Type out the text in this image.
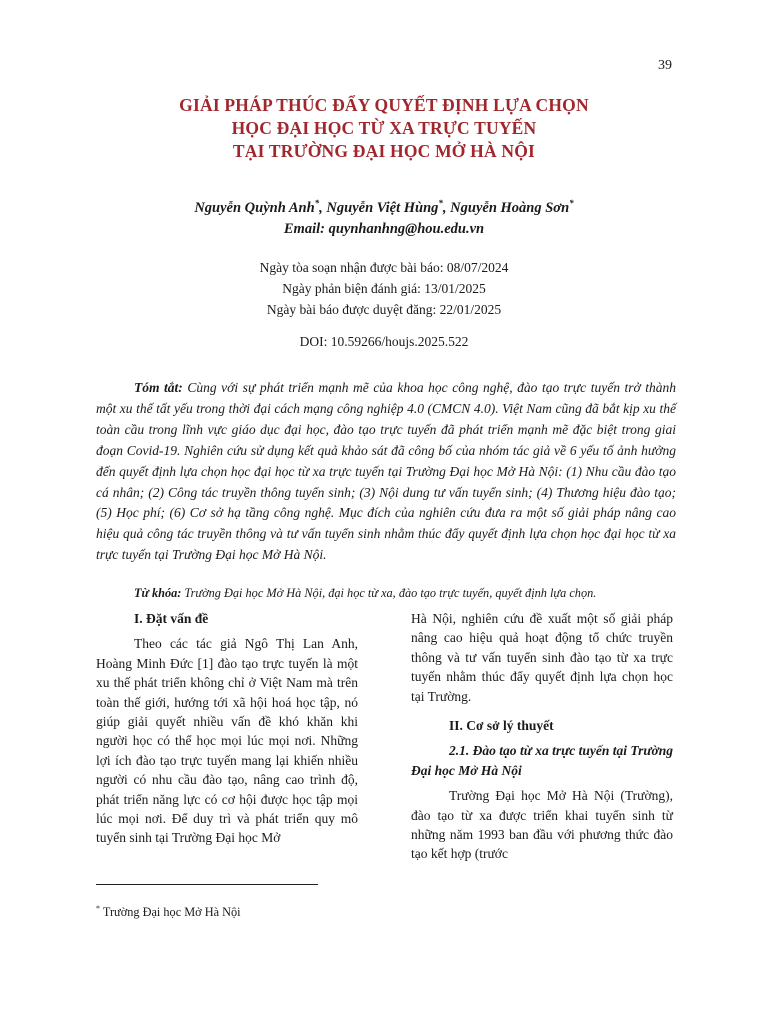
39
GIẢI PHÁP THÚC ĐẨY QUYẾT ĐỊNH LỰA CHỌN
HỌC ĐẠI HỌC TỪ XA TRỰC TUYẾN
TẠI TRƯỜNG ĐẠI HỌC MỞ HÀ NỘI
Nguyễn Quỳnh Anh*, Nguyễn Việt Hùng*, Nguyễn Hoàng Sơn*
Email: quynhanhng@hou.edu.vn
Ngày tòa soạn nhận được bài báo: 08/07/2024
Ngày phản biện đánh giá: 13/01/2025
Ngày bài báo được duyệt đăng: 22/01/2025
DOI: 10.59266/houjs.2025.522
Tóm tắt: Cùng với sự phát triển mạnh mẽ của khoa học công nghệ, đào tạo trực tuyến trở thành một xu thế tất yếu trong thời đại cách mạng công nghiệp 4.0 (CMCN 4.0). Việt Nam cũng đã bắt kịp xu thế toàn cầu trong lĩnh vực giáo dục đại học, đào tạo trực tuyến đã phát triển mạnh mẽ đặc biệt trong giai đoạn Covid-19. Nghiên cứu sử dụng kết quả khảo sát đã công bố của nhóm tác giả về 6 yếu tố ảnh hưởng đến quyết định lựa chọn học đại học từ xa trực tuyến tại Trường Đại học Mở Hà Nội: (1) Nhu cầu đào tạo cá nhân; (2) Công tác truyền thông tuyển sinh; (3) Nội dung tư vấn tuyển sinh; (4) Thương hiệu đào tạo; (5) Học phí; (6) Cơ sở hạ tầng công nghệ. Mục đích của nghiên cứu đưa ra một số giải pháp nâng cao hiệu quả công tác truyền thông và tư vấn tuyển sinh nhằm thúc đẩy quyết định lựa chọn học đại học từ xa trực tuyến tại Trường Đại học Mở Hà Nội.
Từ khóa: Trường Đại học Mở Hà Nội, đại học từ xa, đào tạo trực tuyến, quyết định lựa chọn.
I. Đặt vấn đề

Theo các tác giả Ngô Thị Lan Anh, Hoàng Minh Đức [1] đào tạo trực tuyến là một xu thế phát triển không chỉ ở Việt Nam mà trên toàn thế giới, hướng tới xã hội hoá học tập, nó giúp giải quyết nhiều vấn đề khó khăn khi người học có thể học mọi lúc mọi nơi. Những lợi ích đào tạo trực tuyến mang lại khiến nhiều người có nhu cầu đào tạo, nâng cao trình độ, phát triển năng lực có cơ hội được học tập mọi lúc mọi nơi. Để duy trì và phát triển quy mô tuyển sinh tại Trường Đại học Mở

Hà Nội, nghiên cứu đề xuất một số giải pháp nâng cao hiệu quả hoạt động tổ chức truyền thông và tư vấn tuyển sinh đào tạo từ xa trực tuyến nhằm thúc đẩy quyết định lựa chọn học tại Trường.

II. Cơ sở lý thuyết
2.1. Đào tạo từ xa trực tuyến tại Trường Đại học Mở Hà Nội

Trường Đại học Mở Hà Nội (Trường), đào tạo từ xa được triển khai tuyển sinh từ những năm 1993 ban đầu với phương thức đào tạo kết hợp (trước

* Trường Đại học Mở Hà Nội
